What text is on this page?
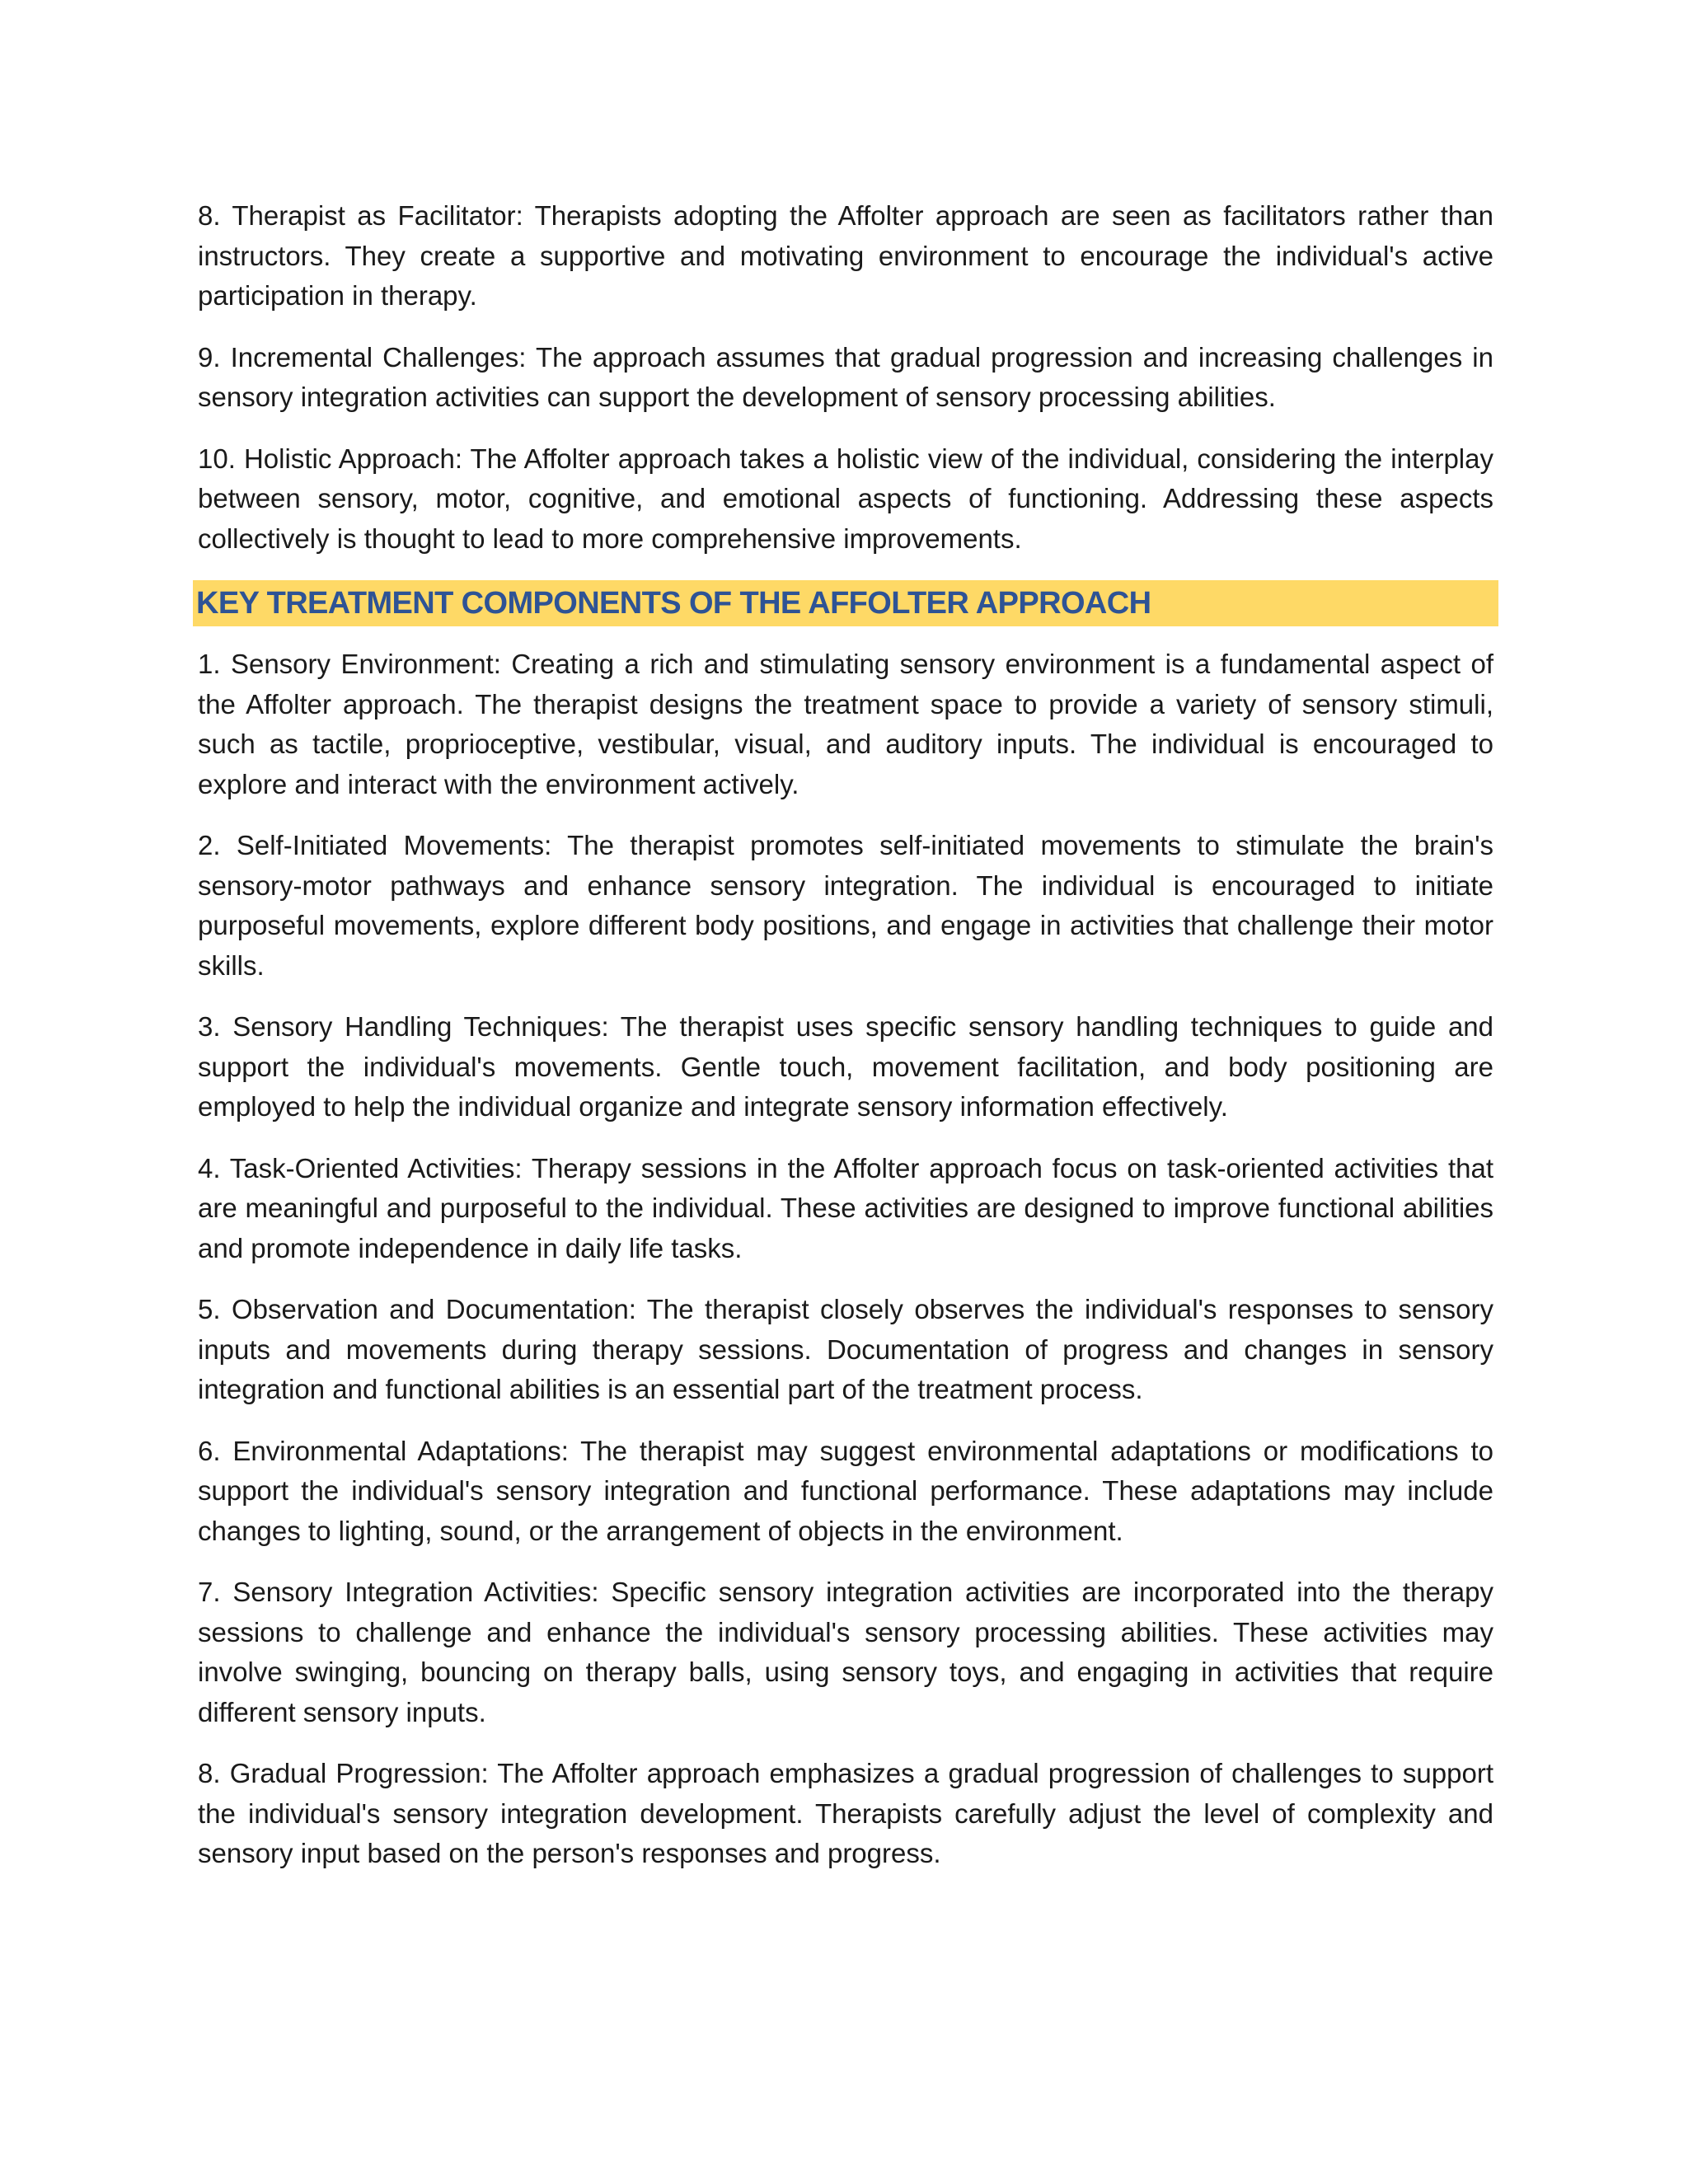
8. Therapist as Facilitator: Therapists adopting the Affolter approach are seen as facilitators rather than instructors. They create a supportive and motivating environment to encourage the individual's active participation in therapy.

9. Incremental Challenges: The approach assumes that gradual progression and increasing challenges in sensory integration activities can support the development of sensory processing abilities.

10. Holistic Approach: The Affolter approach takes a holistic view of the individual, considering the interplay between sensory, motor, cognitive, and emotional aspects of functioning. Addressing these aspects collectively is thought to lead to more comprehensive improvements.

KEY TREATMENT COMPONENTS OF THE AFFOLTER APPROACH

1. Sensory Environment: Creating a rich and stimulating sensory environment is a fundamental aspect of the Affolter approach. The therapist designs the treatment space to provide a variety of sensory stimuli, such as tactile, proprioceptive, vestibular, visual, and auditory inputs. The individual is encouraged to explore and interact with the environment actively.

2. Self-Initiated Movements: The therapist promotes self-initiated movements to stimulate the brain's sensory-motor pathways and enhance sensory integration. The individual is encouraged to initiate purposeful movements, explore different body positions, and engage in activities that challenge their motor skills.

3. Sensory Handling Techniques: The therapist uses specific sensory handling techniques to guide and support the individual's movements. Gentle touch, movement facilitation, and body positioning are employed to help the individual organize and integrate sensory information effectively.

4. Task-Oriented Activities: Therapy sessions in the Affolter approach focus on task-oriented activities that are meaningful and purposeful to the individual. These activities are designed to improve functional abilities and promote independence in daily life tasks.

5. Observation and Documentation: The therapist closely observes the individual's responses to sensory inputs and movements during therapy sessions. Documentation of progress and changes in sensory integration and functional abilities is an essential part of the treatment process.

6. Environmental Adaptations: The therapist may suggest environmental adaptations or modifications to support the individual's sensory integration and functional performance. These adaptations may include changes to lighting, sound, or the arrangement of objects in the environment.

7. Sensory Integration Activities: Specific sensory integration activities are incorporated into the therapy sessions to challenge and enhance the individual's sensory processing abilities. These activities may involve swinging, bouncing on therapy balls, using sensory toys, and engaging in activities that require different sensory inputs.

8. Gradual Progression: The Affolter approach emphasizes a gradual progression of challenges to support the individual's sensory integration development. Therapists carefully adjust the level of complexity and sensory input based on the person's responses and progress.
